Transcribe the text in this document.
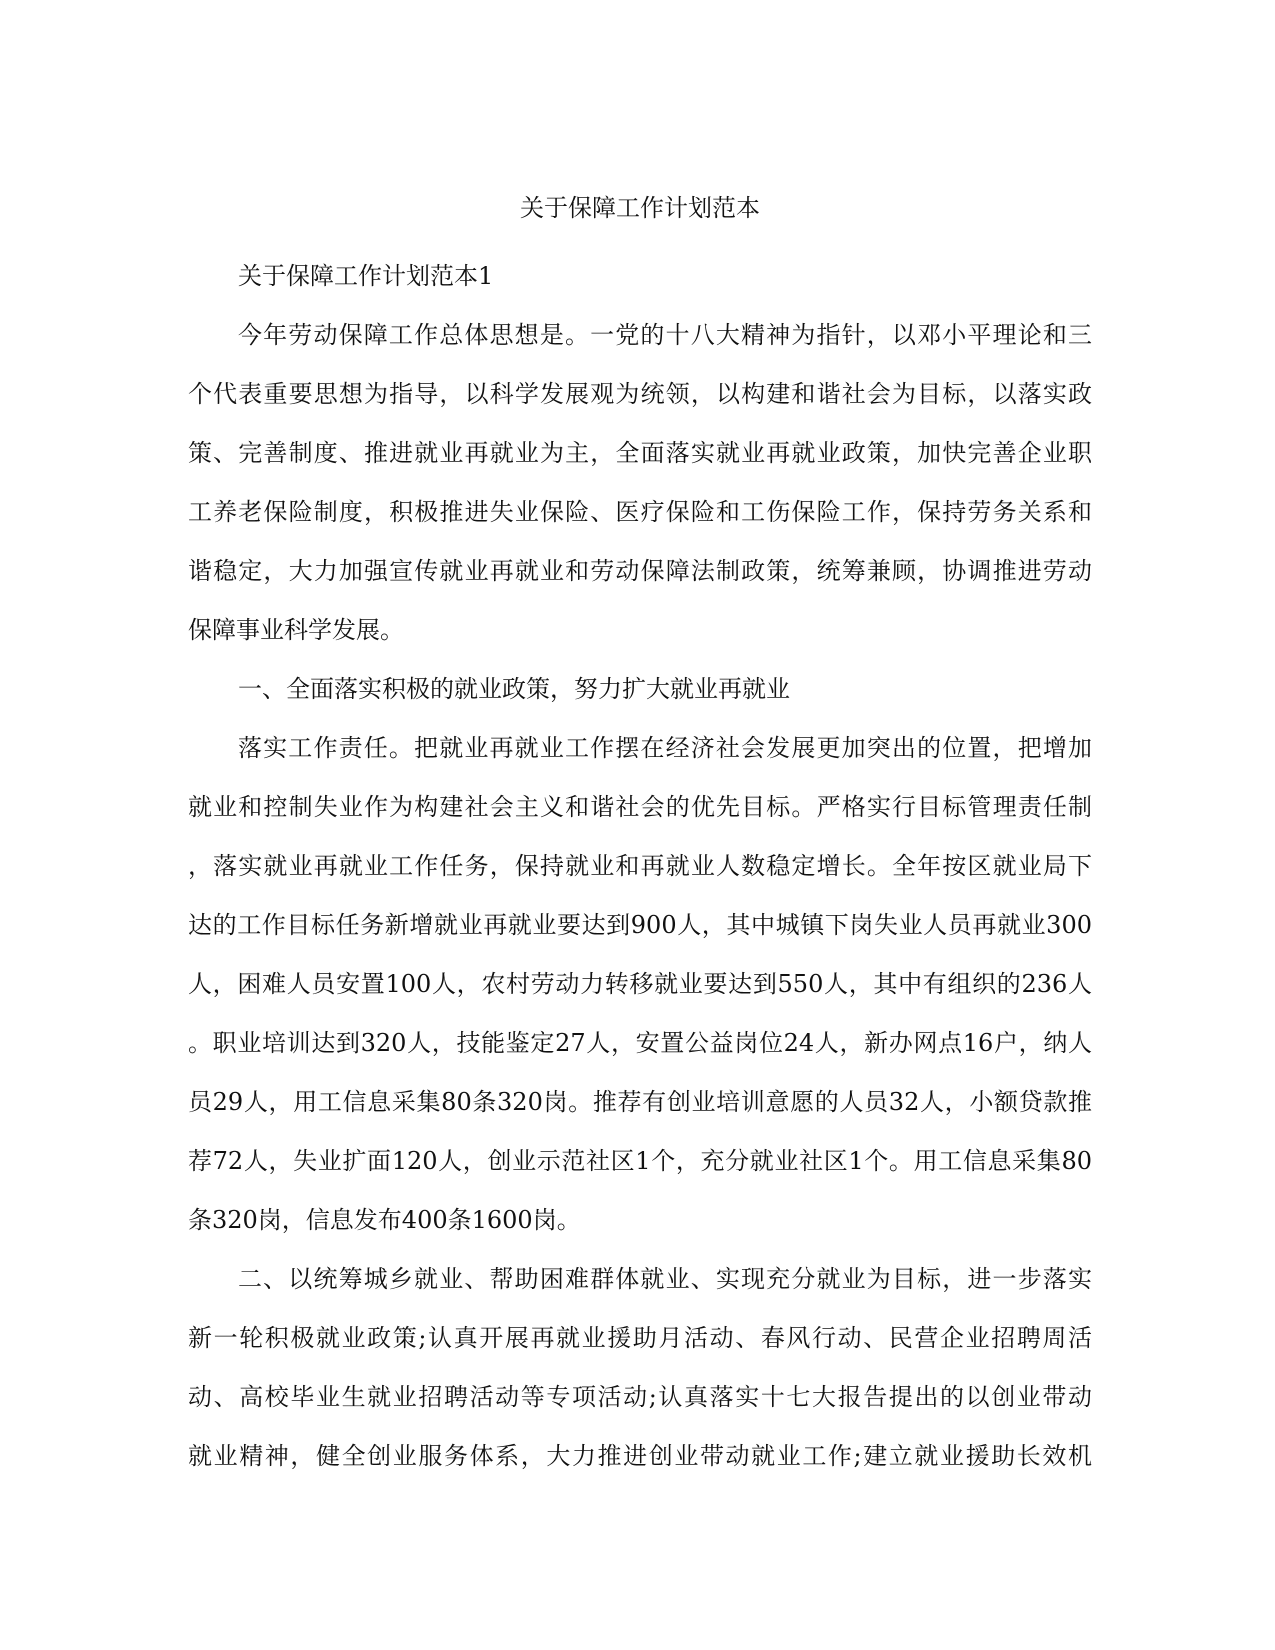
关于保障工作计划范本
关于保障工作计划范本1
今年劳动保障工作总体思想是。一党的十八大精神为指针，以邓小平理论和三
个代表重要思想为指导，以科学发展观为统领，以构建和谐社会为目标，以落实政
策、完善制度、推进就业再就业为主，全面落实就业再就业政策，加快完善企业职
工养老保险制度，积极推进失业保险、医疗保险和工伤保险工作，保持劳务关系和
谐稳定，大力加强宣传就业再就业和劳动保障法制政策，统筹兼顾，协调推进劳动
保障事业科学发展。
一、全面落实积极的就业政策，努力扩大就业再就业
落实工作责任。把就业再就业工作摆在经济社会发展更加突出的位置，把增加
就业和控制失业作为构建社会主义和谐社会的优先目标。严格实行目标管理责任制
，落实就业再就业工作任务，保持就业和再就业人数稳定增长。全年按区就业局下
达的工作目标任务新增就业再就业要达到900人，其中城镇下岗失业人员再就业300
人，困难人员安置100人，农村劳动力转移就业要达到550人，其中有组织的236人
。职业培训达到320人，技能鉴定27人，安置公益岗位24人，新办网点16户，纳人
员29人，用工信息采集80条320岗。推荐有创业培训意愿的人员32人，小额贷款推
荐72人，失业扩面120人，创业示范社区1个，充分就业社区1个。用工信息采集80
条320岗，信息发布400条1600岗。
二、以统筹城乡就业、帮助困难群体就业、实现充分就业为目标，进一步落实
新一轮积极就业政策;认真开展再就业援助月活动、春风行动、民营企业招聘周活
动、高校毕业生就业招聘活动等专项活动;认真落实十七大报告提出的以创业带动
就业精神，健全创业服务体系，大力推进创业带动就业工作;建立就业援助长效机
